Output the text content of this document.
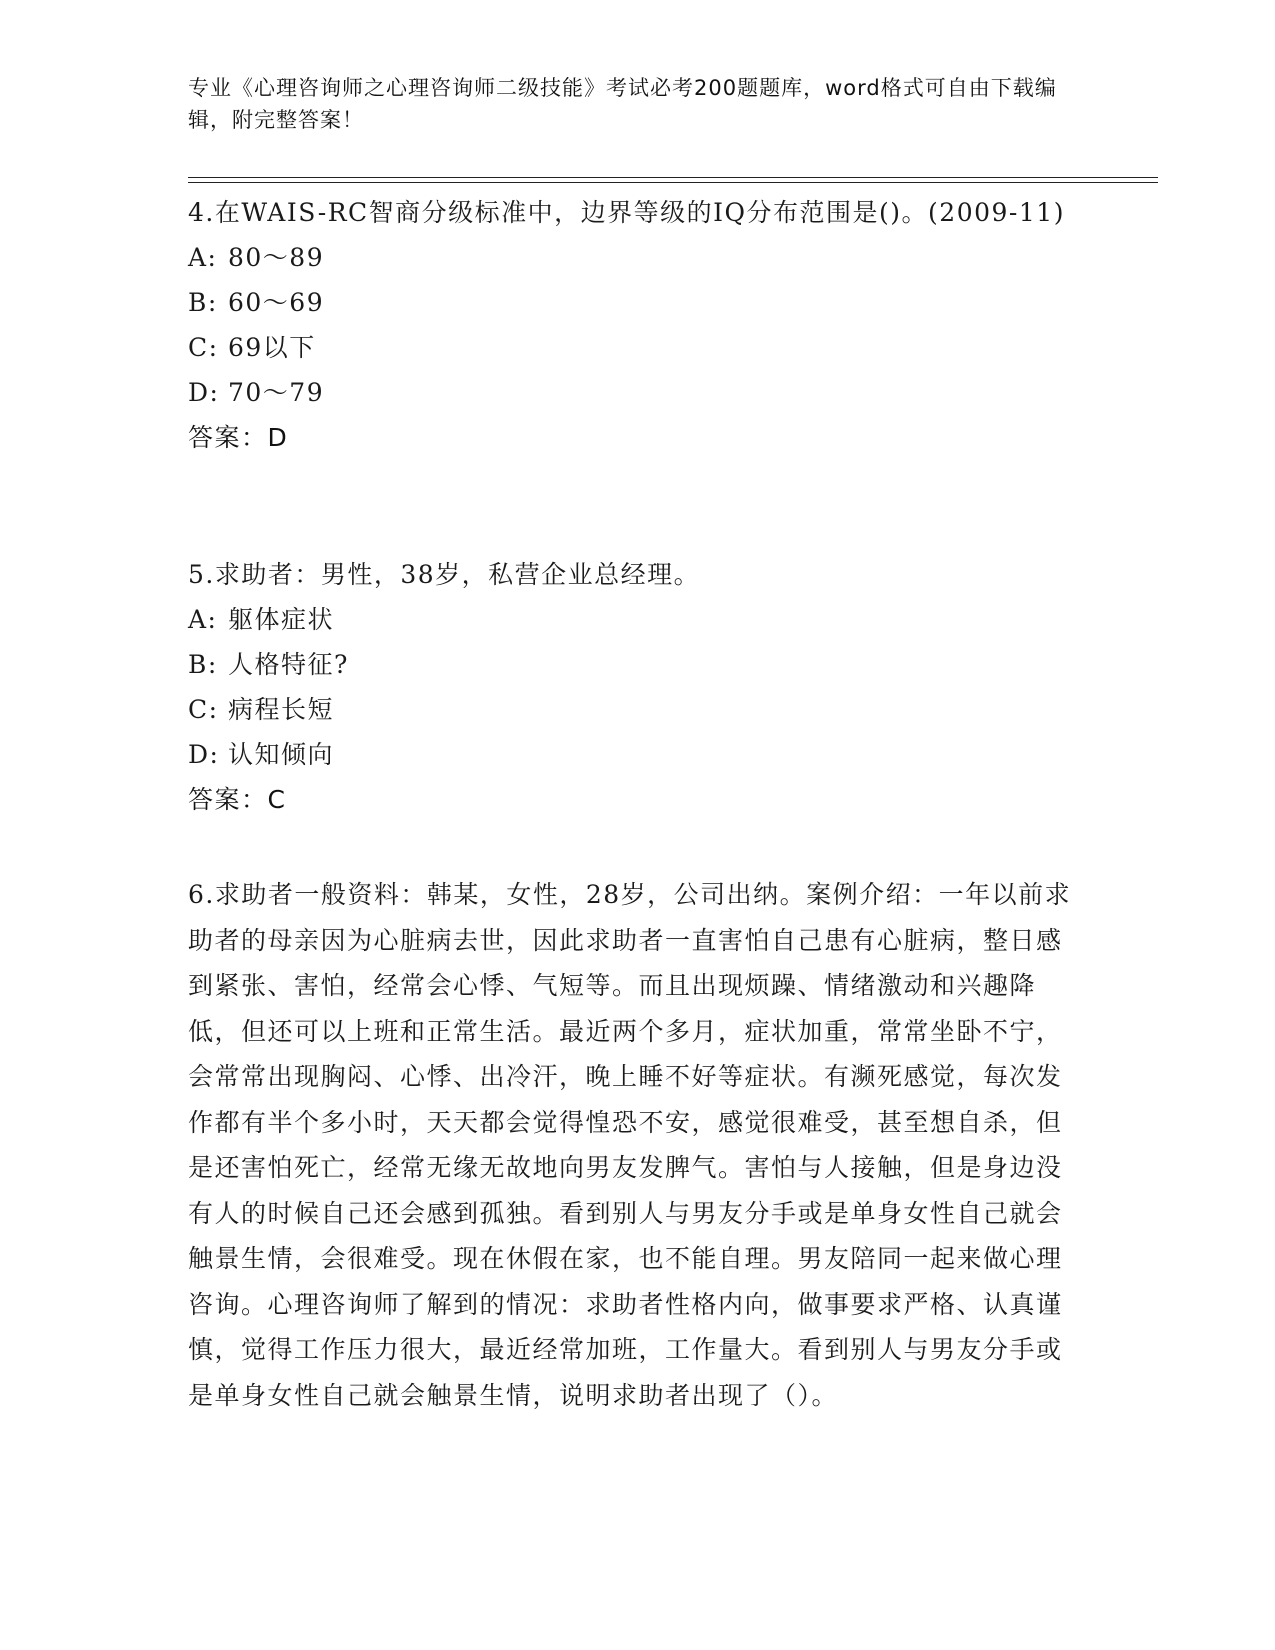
专业《心理咨询师之心理咨询师二级技能》考试必考200题题库，word格式可自由下载编辑，附完整答案！

4.在WAIS-RC智商分级标准中，边界等级的IQ分布范围是()。(2009-11)

A: 80～89

B: 60～69

C: 69以下

D: 70～79

答案：D

5.求助者：男性，38岁，私营企业总经理。

A: 躯体症状

B: 人格特征?

C: 病程长短

D: 认知倾向

答案：C

6.求助者一般资料：韩某，女性，28岁，公司出纳。案例介绍：一年以前求助者的母亲因为心脏病去世，因此求助者一直害怕自己患有心脏病，整日感到紧张、害怕，经常会心悸、气短等。而且出现烦躁、情绪激动和兴趣降低，但还可以上班和正常生活。最近两个多月，症状加重，常常坐卧不宁，会常常出现胸闷、心悸、出冷汗，晚上睡不好等症状。有濒死感觉，每次发作都有半个多小时，天天都会觉得惶恐不安，感觉很难受，甚至想自杀，但是还害怕死亡，经常无缘无故地向男友发脾气。害怕与人接触，但是身边没有人的时候自己还会感到孤独。看到别人与男友分手或是单身女性自己就会触景生情，会很难受。现在休假在家，也不能自理。男友陪同一起来做心理咨询。心理咨询师了解到的情况：求助者性格内向，做事要求严格、认真谨慎，觉得工作压力很大，最近经常加班，工作量大。看到别人与男友分手或是单身女性自己就会触景生情，说明求助者出现了（）。
